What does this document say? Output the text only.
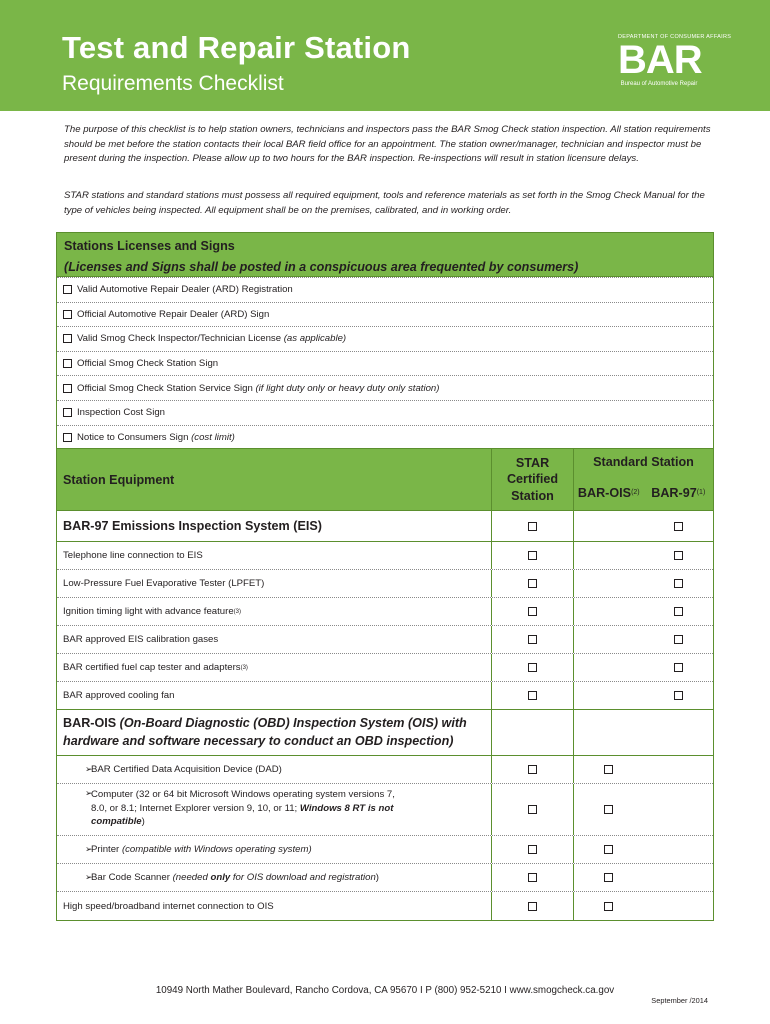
Test and Repair Station
Requirements Checklist
DEPARTMENT OF CONSUMER AFFAIRS
BAR
Bureau of Automotive Repair

The purpose of this checklist is to help station owners, technicians and inspectors pass the BAR Smog Check station inspection. All station requirements should be met before the station contacts their local BAR field office for an appointment. The station owner/manager, technician and inspector must be present during the inspection. Please allow up to two hours for the BAR inspection. Re-inspections will result in station licensure delays.

STAR stations and standard stations must possess all required equipment, tools and reference materials as set forth in the Smog Check Manual for the type of vehicles being inspected. All equipment shall be on the premises, calibrated, and in working order.

Stations Licenses and Signs
(Licenses and Signs shall be posted in a conspicuous area frequented by consumers)
Valid Automotive Repair Dealer (ARD) Registration
Official Automotive Repair Dealer (ARD) Sign
Valid Smog Check Inspector/Technician License (as applicable)
Official Smog Check Station Sign
Official Smog Check Station Service Sign (if light duty only or heavy duty only station)
Inspection Cost Sign
Notice to Consumers Sign (cost limit)
Station Equipment
STAR Certified Station
Standard Station
BAR-OIS (2) BAR-97 (1)
BAR-97 Emissions Inspection System (EIS)
Telephone line connection to EIS
Low-Pressure Fuel Evaporative Tester (LPFET)
Ignition timing light with advance feature (3)
BAR approved EIS calibration gases
BAR certified fuel cap tester and adapters (3)
BAR approved cooling fan
BAR-OIS (On-Board Diagnostic (OBD) Inspection System (OIS) with hardware and software necessary to conduct an OBD inspection)
➢
BAR Certified Data Acquisition Device (DAD)
➢
Computer (32 or 64 bit Microsoft Windows operating system versions 7, 8.0, or 8.1; Internet Explorer version 9, 10, or 11; Windows 8 RT is not compatible)
➢
Printer (compatible with Windows operating system)
➢
Bar Code Scanner (needed only for OIS download and registration)
High speed/broadband internet connection to OIS
10949 North Mather Boulevard, Rancho Cordova, CA 95670 I P (800) 952-5210 I www.smogcheck.ca.gov
September /2014
